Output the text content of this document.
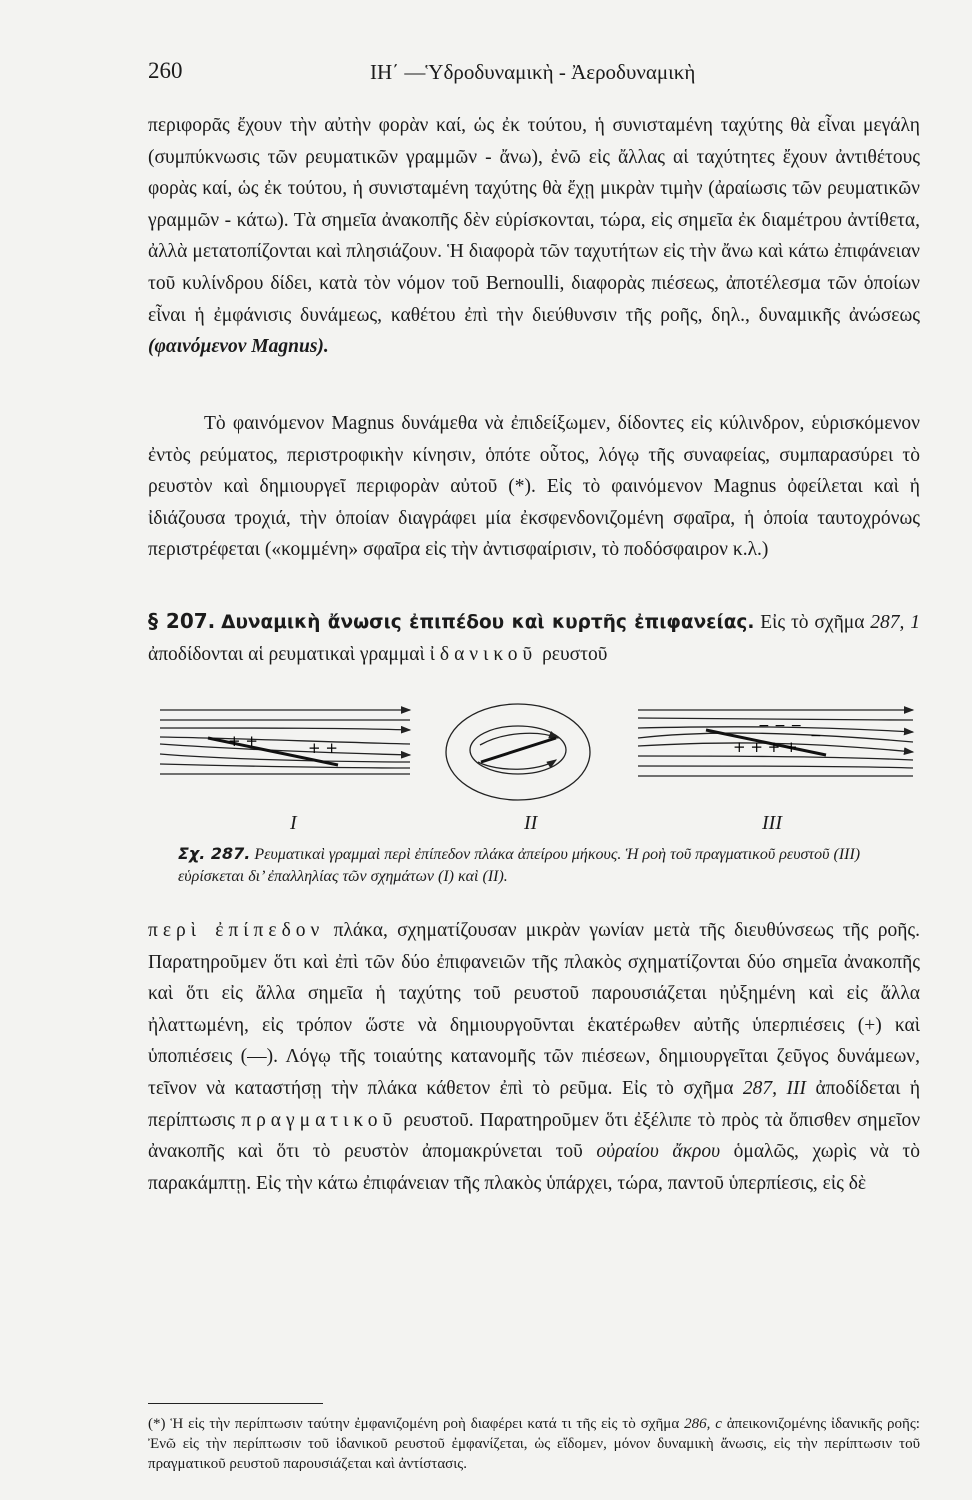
260	ΙΗ΄ —Ὑδροδυναμικὴ - Ἀεροδυναμικὴ
περιφορᾶς ἔχουν τὴν αὐτὴν φορὰν καί, ὡς ἐκ τούτου, ἡ συνισταμένη ταχύτης θὰ εἶναι μεγάλη (συμπύκνωσις τῶν ρευματικῶν γραμμῶν - ἄνω), ἐνῶ εἰς ἄλλας αἱ ταχύτητες ἔχουν ἀντιθέτους φορὰς καί, ὡς ἐκ τούτου, ἡ συνισταμένη ταχύτης θὰ ἔχῃ μικρὰν τιμὴν (ἀραίωσις τῶν ρευματικῶν γραμμῶν - κάτω). Τὰ σημεῖα ἀνακοπῆς δὲν εὑρίσκονται, τώρα, εἰς σημεῖα ἐκ διαμέτρου ἀντίθετα, ἀλλὰ μετατοπίζονται καὶ πλησιάζουν. Ἡ διαφορὰ τῶν ταχυτήτων εἰς τὴν ἄνω καὶ κάτω ἐπιφάνειαν τοῦ κυλίνδρου δίδει, κατὰ τὸν νόμον τοῦ Bernoulli, διαφορὰς πιέσεως, ἀποτέλεσμα τῶν ὁποίων εἶναι ἡ ἐμφάνισις δυνάμεως, καθέτου ἐπὶ τὴν διεύθυνσιν τῆς ροῆς, δηλ., δυναμικῆς ἀνώσεως (φαινόμενον Magnus).
Τὸ φαινόμενον Magnus δυνάμεθα νὰ ἐπιδείξωμεν, δίδοντες εἰς κύλινδρον, εὑρισκόμενον ἐντὸς ρεύματος, περιστροφικὴν κίνησιν, ὁπότε οὗτος, λόγῳ τῆς συναφείας, συμπαρασύρει τὸ ρευστὸν καὶ δημιουργεῖ περιφορὰν αὐτοῦ (*). Εἰς τὸ φαινόμενον Magnus ὀφείλεται καὶ ἡ ἰδιάζουσα τροχιά, τὴν ὁποίαν διαγράφει μία ἐκσφενδονιζομένη σφαῖρα, ἡ ὁποία ταυτοχρόνως περιστρέφεται («κομμένη» σφαῖρα εἰς τὴν ἀντισφαίρισιν, τὸ ποδόσφαιρον κ.λ.)
§ 207. Δυναμικὴ ἄνωσις ἐπιπέδου καὶ κυρτῆς ἐπιφανείας. Εἰς τὸ σχῆμα 287, 1 ἀποδίδονται αἱ ρευματικαὶ γραμμαὶ ἰδανικοῦ ρευστοῦ
+ +	+ +	+ + + +
− − −
−
I	II	III
Σχ. 287. Ρευματικαὶ γραμμαὶ περὶ ἐπίπεδον πλάκα ἀπείρου μήκους. Ἡ ροὴ τοῦ πραγματικοῦ ρευστοῦ (III) εὑρίσκεται δι’ ἐπαλληλίας τῶν σχημάτων (I) καὶ (II).
περὶ ἐπίπεδον πλάκα, σχηματίζουσαν μικρὰν γωνίαν μετὰ τῆς διευθύνσεως τῆς ροῆς. Παρατηροῦμεν ὅτι καὶ ἐπὶ τῶν δύο ἐπιφανειῶν τῆς πλακὸς σχηματίζονται δύο σημεῖα ἀνακοπῆς καὶ ὅτι εἰς ἄλλα σημεῖα ἡ ταχύτης τοῦ ρευστοῦ παρουσιάζεται ηὐξημένη καὶ εἰς ἄλλα ἠλαττωμένη, εἰς τρόπον ὥστε νὰ δημιουργοῦνται ἑκατέρωθεν αὐτῆς ὑπερπιέσεις (+) καὶ ὑποπιέσεις (—). Λόγῳ τῆς τοιαύτης κατανομῆς τῶν πιέσεων, δημιουργεῖται ζεῦγος δυνάμεων, τεῖνον νὰ καταστήσῃ τὴν πλάκα κάθετον ἐπὶ τὸ ρεῦμα. Εἰς τὸ σχῆμα 287, III ἀποδίδεται ἡ περίπτωσις πραγματικοῦ ρευστοῦ. Παρατηροῦμεν ὅτι ἐξέλιπε τὸ πρὸς τὰ ὄπισθεν σημεῖον ἀνακοπῆς καὶ ὅτι τὸ ρευστὸν ἀπομακρύνεται τοῦ οὐραίου ἄκρου ὁμαλῶς, χωρὶς νὰ τὸ παρακάμπτῃ. Εἰς τὴν κάτω ἐπιφάνειαν τῆς πλακὸς ὑπάρχει, τώρα, παντοῦ ὑπερπίεσις, εἰς δὲ
(*) Ἡ εἰς τὴν περίπτωσιν ταύτην ἐμφανιζομένη ροὴ διαφέρει κατά τι τῆς εἰς τὸ σχῆμα 286, c ἀπεικονιζομένης ἰδανικῆς ροῆς: Ἐνῶ εἰς τὴν περίπτωσιν τοῦ ἰδανικοῦ ρευστοῦ ἐμφανίζεται, ὡς εἴδομεν, μόνον δυναμικὴ ἄνωσις, εἰς τὴν περίπτωσιν τοῦ πραγματικοῦ ρευστοῦ παρουσιάζεται καὶ ἀντίστασις.
